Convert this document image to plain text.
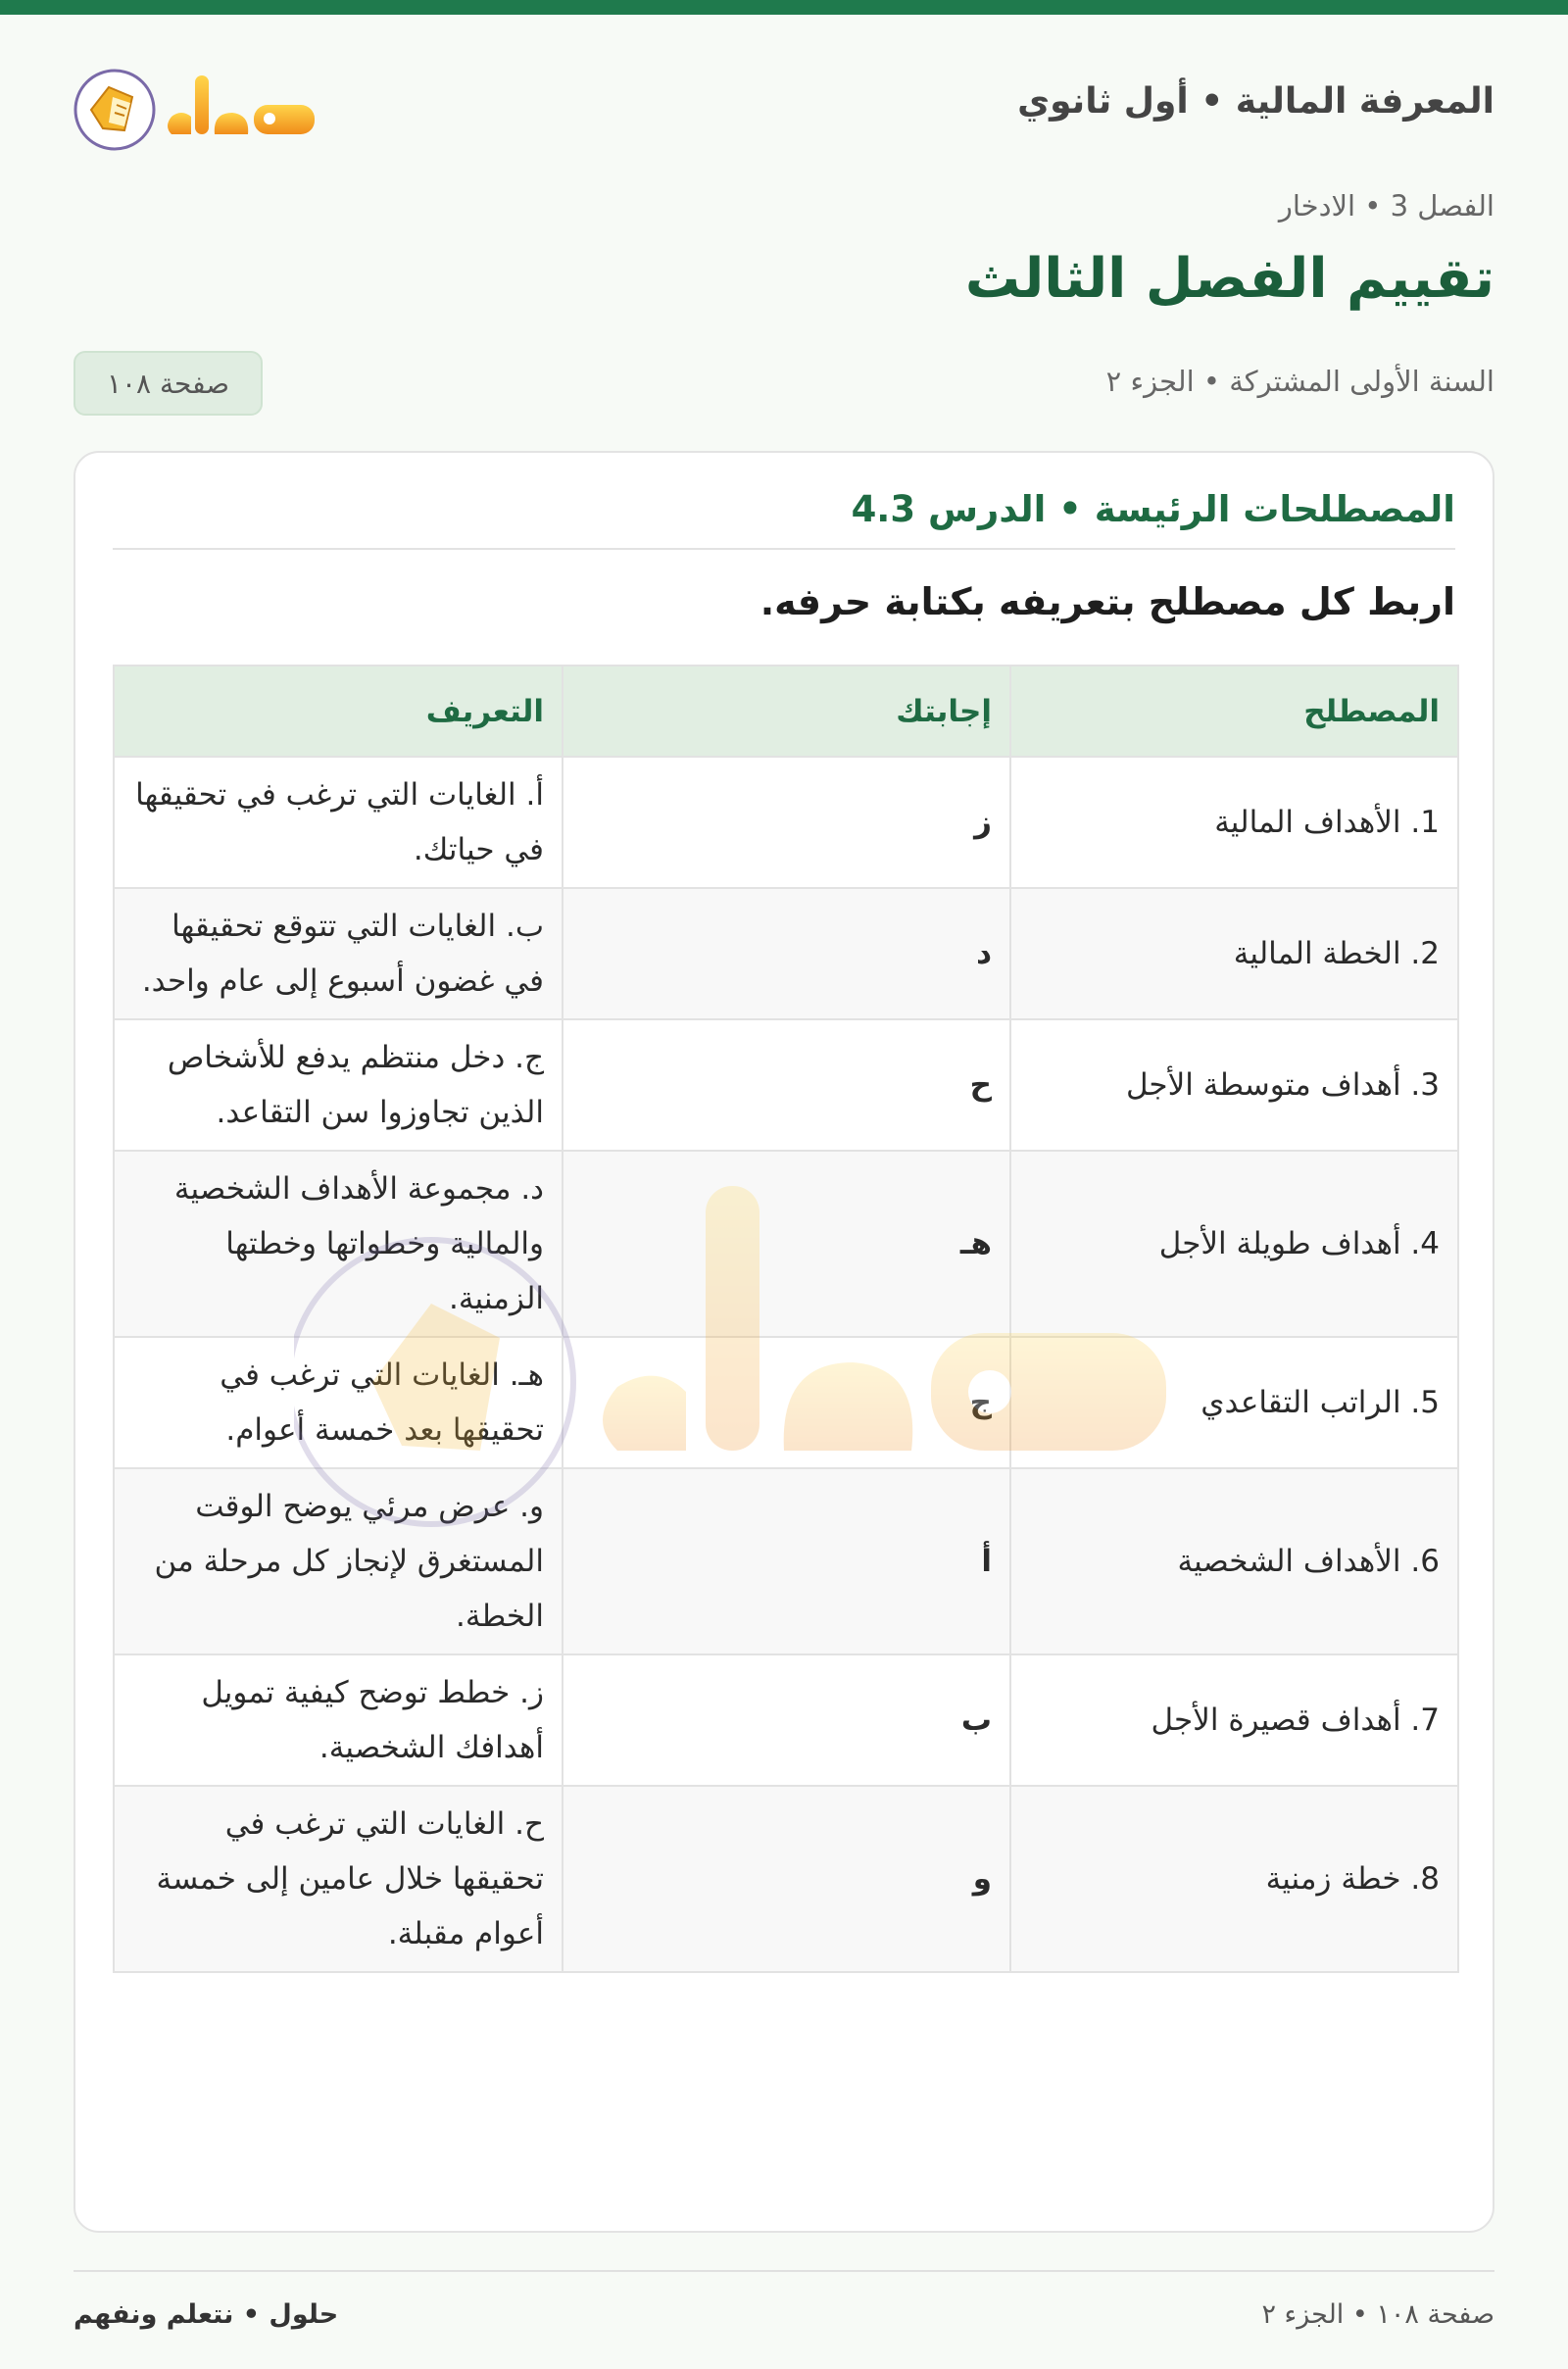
المعرفة المالية • أول ثانوي
الفصل 3 • الادخار
تقييم الفصل الثالث
السنة الأولى المشتركة • الجزء ٢
صفحة ١٠٨
المصطلحات الرئيسة • الدرس 4.3
اربط كل مصطلح بتعريفه بكتابة حرفه.
المصطلح	إجابتك	التعريف
1. الأهداف المالية	ز	أ. الغايات التي ترغب في تحقيقها في حياتك.
2. الخطة المالية	د	ب. الغايات التي تتوقع تحقيقها في غضون أسبوع إلى عام واحد.
3. أهداف متوسطة الأجل	ح	ج. دخل منتظم يدفع للأشخاص الذين تجاوزوا سن التقاعد.
4. أهداف طويلة الأجل	هـ	د. مجموعة الأهداف الشخصية والمالية وخطواتها وخطتها الزمنية.
5. الراتب التقاعدي	ج	هـ. الغايات التي ترغب في تحقيقها بعد خمسة أعوام.
6. الأهداف الشخصية	أ	و. عرض مرئي يوضح الوقت المستغرق لإنجاز كل مرحلة من الخطة.
7. أهداف قصيرة الأجل	ب	ز. خطط توضح كيفية تمويل أهدافك الشخصية.
8. خطة زمنية	و	ح. الغايات التي ترغب في تحقيقها خلال عامين إلى خمسة أعوام مقبلة.
حلول • نتعلم ونفهم	صفحة ١٠٨ • الجزء ٢
